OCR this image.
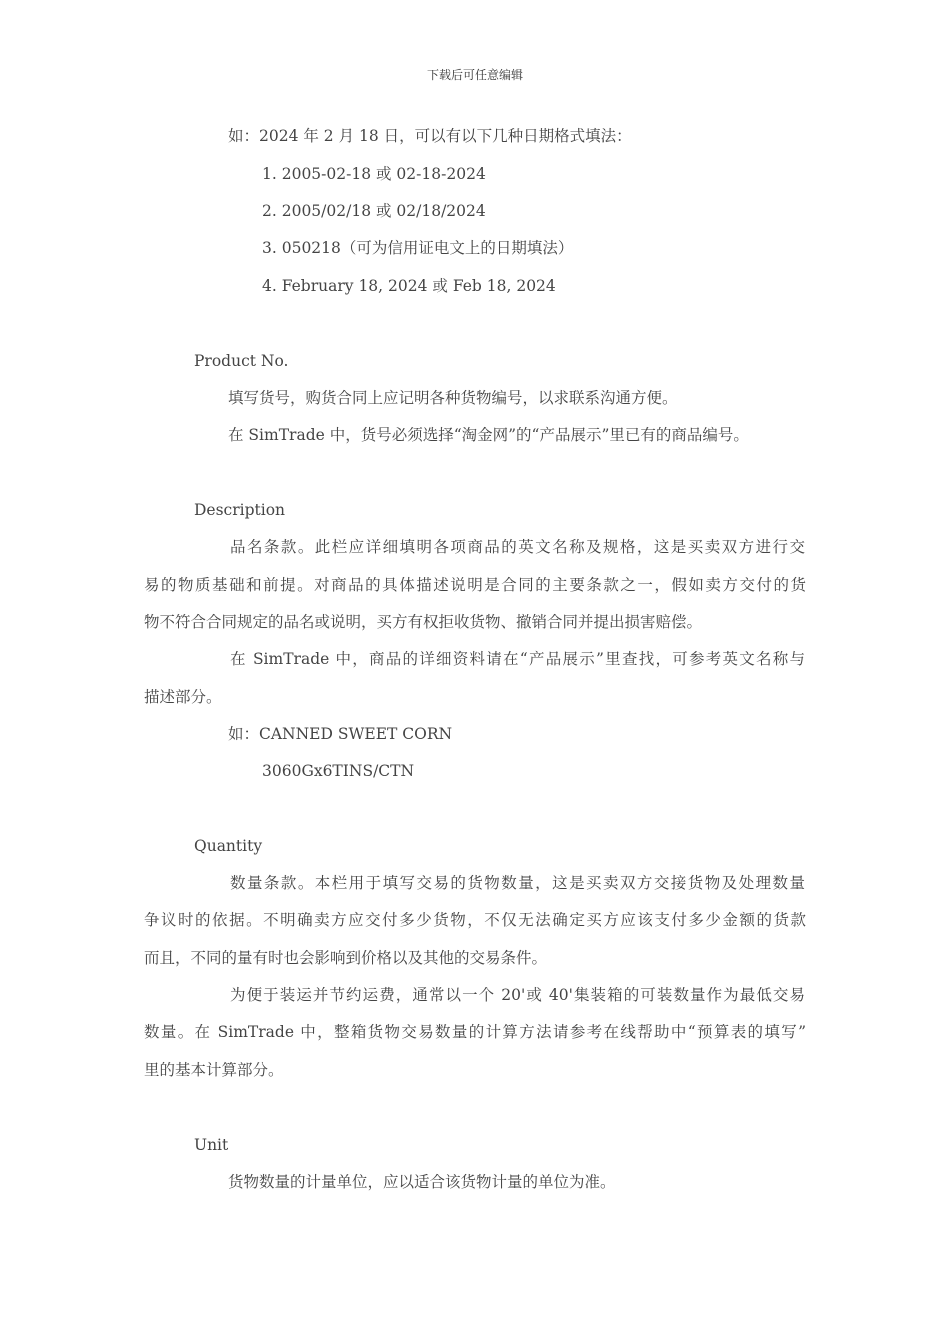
下载后可任意编辑
如：2024 年 2 月 18 日，可以有以下几种日期格式填法：
1. 2005-02-18 或 02-18-2024
2. 2005/02/18 或 02/18/2024
3. 050218（可为信用证电文上的日期填法）
4. February 18, 2024 或 Feb 18, 2024
Product No.
填写货号，购货合同上应记明各种货物编号，以求联系沟通方便。
在 SimTrade 中，货号必须选择“淘金网”的“产品展示”里已有的商品编号。
Description
品名条款。此栏应详细填明各项商品的英文名称及规格，这是买卖双方进行交
易的物质基础和前提。对商品的具体描述说明是合同的主要条款之一，假如卖方交付的货
物不符合合同规定的品名或说明，买方有权拒收货物、撤销合同并提出损害赔偿。
在 SimTrade 中，商品的详细资料请在“产品展示”里查找，可参考英文名称与
描述部分。
如：CANNED SWEET CORN
3060Gx6TINS/CTN
Quantity
数量条款。本栏用于填写交易的货物数量，这是买卖双方交接货物及处理数量
争议时的依据。不明确卖方应交付多少货物，不仅无法确定买方应该支付多少金额的货款
而且，不同的量有时也会影响到价格以及其他的交易条件。
为便于装运并节约运费，通常以一个 20'或 40'集装箱的可装数量作为最低交易
数量。在 SimTrade 中，整箱货物交易数量的计算方法请参考在线帮助中“预算表的填写”
里的基本计算部分。
Unit
货物数量的计量单位，应以适合该货物计量的单位为准。
